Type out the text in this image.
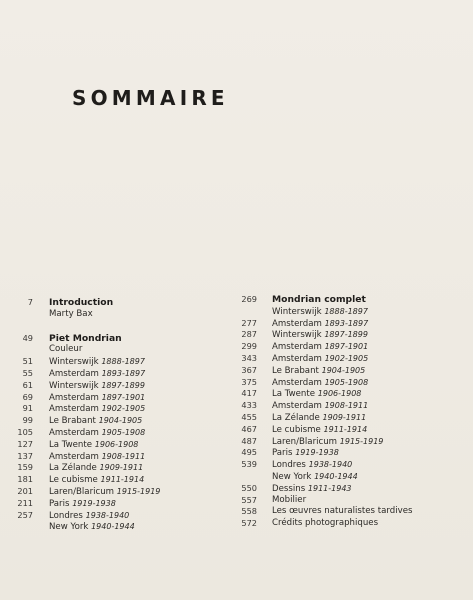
SOMMAIRE
7 Introduction
Marty Bax
49 Piet Mondrian
Couleur
51 Winterswijk 1888-1897
55 Amsterdam 1893-1897
61 Winterswijk 1897-1899
69 Amsterdam 1897-1901
91 Amsterdam 1902-1905
99 Le Brabant 1904-1905
105 Amsterdam 1905-1908
127 La Twente 1906-1908
137 Amsterdam 1908-1911
159 La Zélande 1909-1911
181 Le cubisme 1911-1914
201 Laren/Blaricum 1915-1919
211 Paris 1919-1938
257 Londres 1938-1940
New York 1940-1944
269 Mondrian complet
Winterswijk 1888-1897
277 Amsterdam 1893-1897
287 Winterswijk 1897-1899
299 Amsterdam 1897-1901
343 Amsterdam 1902-1905
367 Le Brabant 1904-1905
375 Amsterdam 1905-1908
417 La Twente 1906-1908
433 Amsterdam 1908-1911
455 La Zélande 1909-1911
467 Le cubisme 1911-1914
487 Laren/Blaricum 1915-1919
495 Paris 1919-1938
539 Londres 1938-1940
New York 1940-1944
550 Dessins 1911-1943
557 Mobilier
558 Les œuvres naturalistes tardives
572 Crédits photographiques
